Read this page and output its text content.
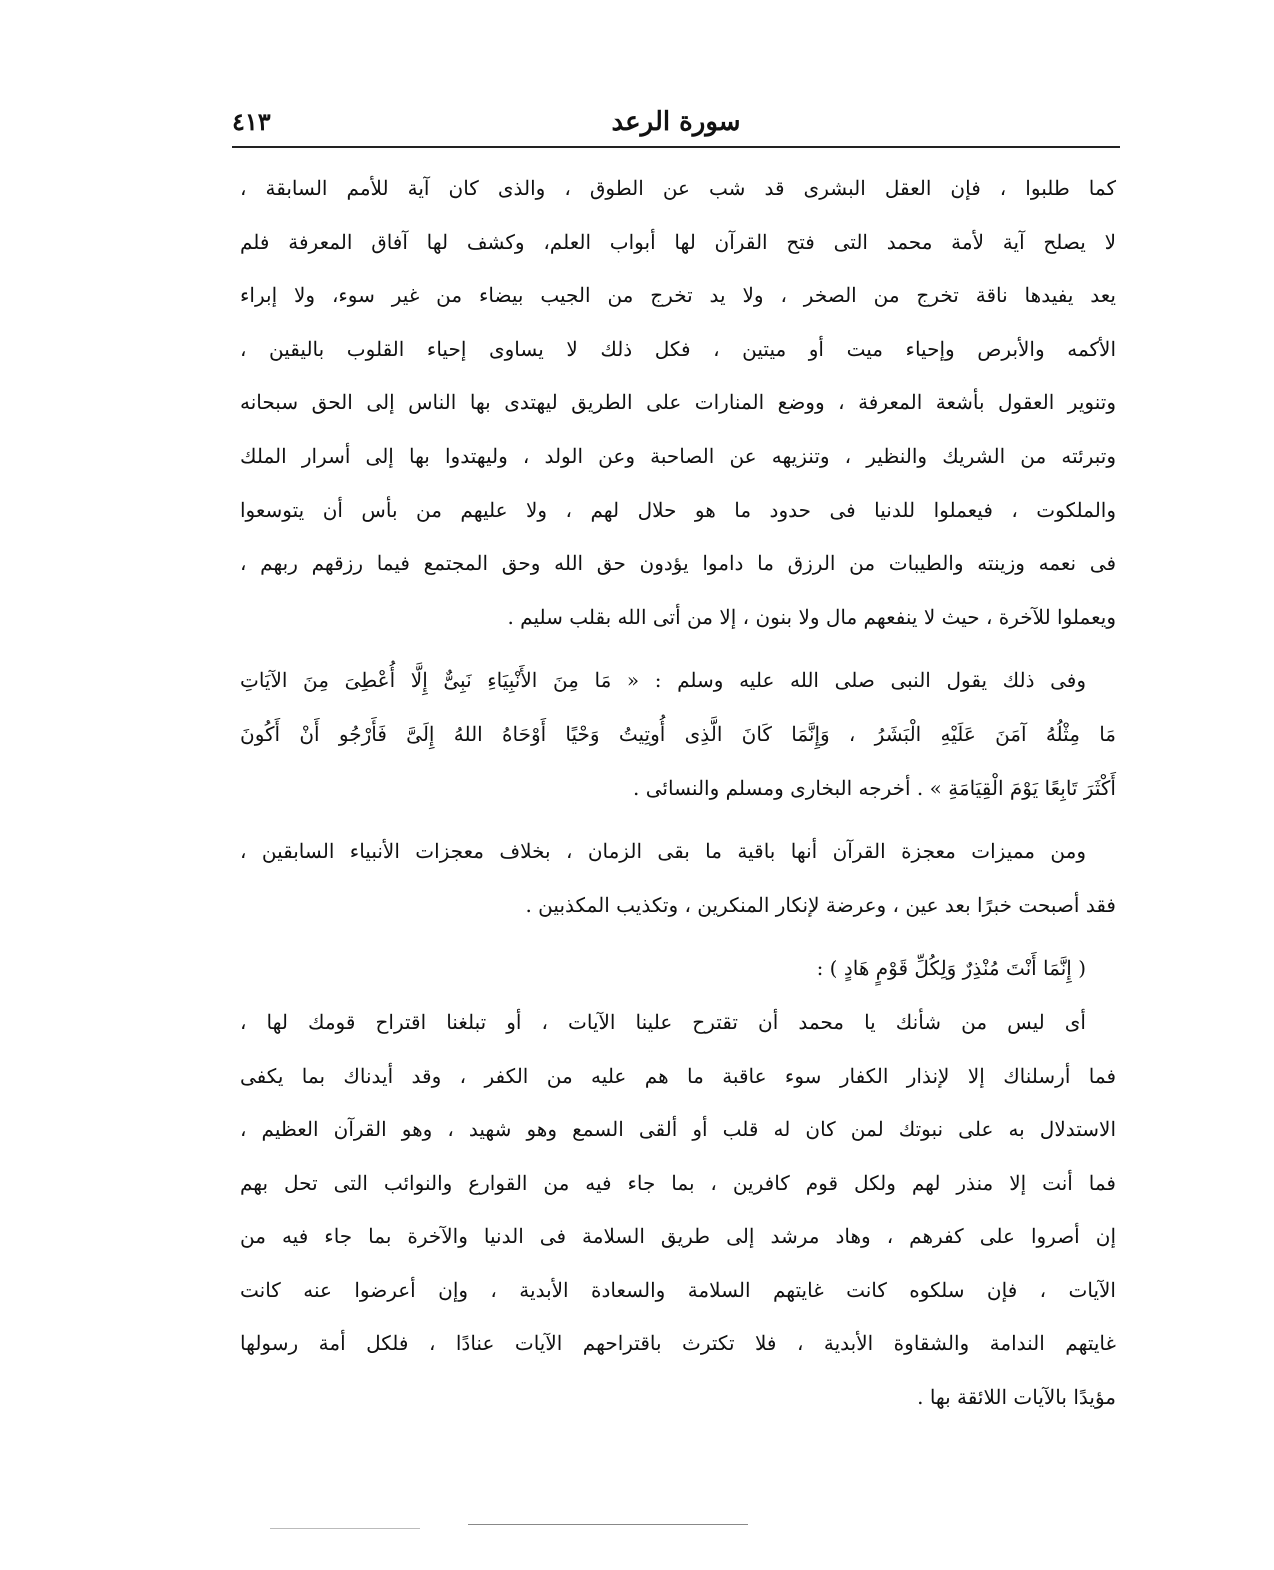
سورة الرعد
٤١٣
كما طلبوا ، فإن العقل البشرى قد شب عن الطوق ، والذى كان آية للأمم السابقة ،
لا يصلح آية لأمة محمد التى فتح القرآن لها أبواب العلم، وكشف لها آفاق المعرفة فلم
يعد يفيدها ناقة تخرج من الصخر ، ولا يد تخرج من الجيب بيضاء من غير سوء، ولا إبراء
الأكمه والأبرص وإحياء ميت أو ميتين ، فكل ذلك لا يساوى إحياء القلوب باليقين ،
وتنوير العقول بأشعة المعرفة ، ووضع المنارات على الطريق ليهتدى بها الناس إلى الحق سبحانه
وتبرئته من الشريك والنظير ، وتنزيهه عن الصاحبة وعن الولد ، وليهتدوا بها إلى أسرار الملك
والملكوت ، فيعملوا للدنيا فى حدود ما هو حلال لهم ، ولا عليهم من بأس أن يتوسعوا
فى نعمه وزينته والطيبات من الرزق ما داموا يؤدون حق الله وحق المجتمع فيما رزقهم ربهم ،
ويعملوا للآخرة ، حيث لا ينفعهم مال ولا بنون ، إلا من أتى الله بقلب سليم .
وفى ذلك يقول النبى صلى الله عليه وسلم : « مَا مِنَ الأَنْبِيَاءِ نَبِىٌّ إِلَّا أُعْطِىَ مِنَ الآيَاتِ
مَا مِثْلُهُ آمَنَ عَلَيْهِ الْبَشَرُ ، وَإِنَّمَا كَانَ الَّذِى أُوتِيتُ وَحْيًا أَوْحَاهُ اللهُ إِلَىَّ فَأَرْجُو أَنْ أَكُونَ
أَكْثَرَ تَابِعًا يَوْمَ الْقِيَامَةِ » . أخرجه البخارى ومسلم والنسائى .
ومن مميزات معجزة القرآن أنها باقية ما بقى الزمان ، بخلاف معجزات الأنبياء السابقين ،
فقد أصبحت خبرًا بعد عين ، وعرضة لإنكار المنكرين ، وتكذيب المكذبين .
( إِنَّمَا أَنْتَ مُنْذِرٌ وَلِكُلِّ قَوْمٍ هَادٍ ) :
أى ليس من شأنك يا محمد أن تقترح علينا الآيات ، أو تبلغنا اقتراح قومك لها ،
فما أرسلناك إلا لإنذار الكفار سوء عاقبة ما هم عليه من الكفر ، وقد أيدناك بما يكفى
الاستدلال به على نبوتك لمن كان له قلب أو ألقى السمع وهو شهيد ، وهو القرآن العظيم ،
فما أنت إلا منذر لهم ولكل قوم كافرين ، بما جاء فيه من القوارع والنوائب التى تحل بهم
إن أصروا على كفرهم ، وهاد مرشد إلى طريق السلامة فى الدنيا والآخرة بما جاء فيه من
الآيات ، فإن سلكوه كانت غايتهم السلامة والسعادة الأبدية ، وإن أعرضوا عنه كانت
غايتهم الندامة والشقاوة الأبدية ، فلا تكترث باقتراحهم الآيات عنادًا ، فلكل أمة رسولها
مؤيدًا بالآيات اللائقة بها .
